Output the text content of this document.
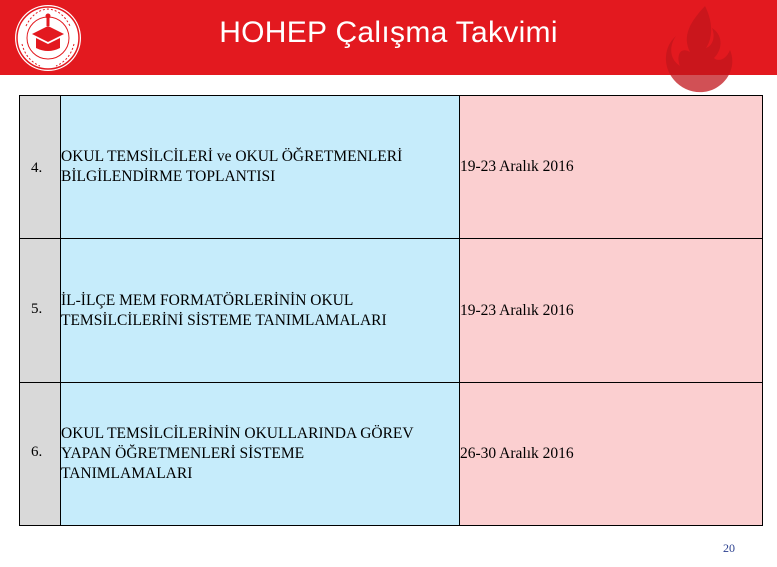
HOHEP Çalışma Takvimi
4.	OKUL TEMSİLCİLERİ ve OKUL ÖĞRETMENLERİ
BİLGİLENDİRME TOPLANTISI	19-23 Aralık 2016

5.	İL-İLÇE MEM FORMATÖRLERİNİN OKUL
TEMSİLCİLERİNİ SİSTEME TANIMLAMALARI	19-23 Aralık 2016

6.	OKUL TEMSİLCİLERİNİN OKULLARINDA GÖREV
YAPAN ÖĞRETMENLERİ SİSTEME
TANIMLAMALARI	26-30 Aralık 2016
20
